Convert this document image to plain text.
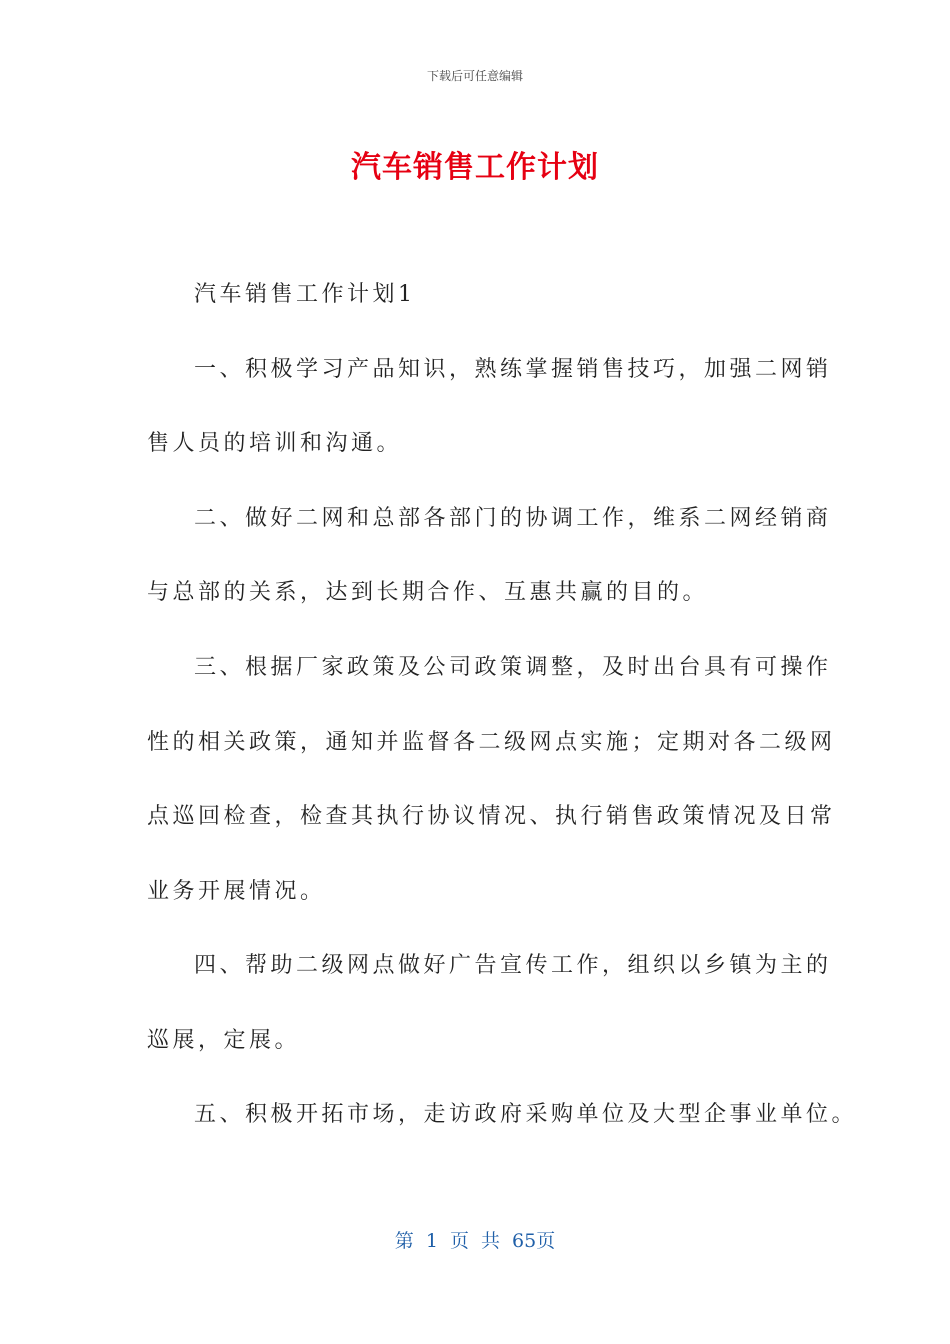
下载后可任意编辑
汽车销售工作计划
汽车销售工作计划1
一、积极学习产品知识，熟练掌握销售技巧，加强二网销
售人员的培训和沟通。
二、做好二网和总部各部门的协调工作，维系二网经销商
与总部的关系，达到长期合作、互惠共赢的目的。
三、根据厂家政策及公司政策调整，及时出台具有可操作
性的相关政策，通知并监督各二级网点实施；定期对各二级网
点巡回检查，检查其执行协议情况、执行销售政策情况及日常
业务开展情况。
四、帮助二级网点做好广告宣传工作，组织以乡镇为主的
巡展，定展。
五、积极开拓市场，走访政府采购单位及大型企事业单位。
第 1 页 共 65页
